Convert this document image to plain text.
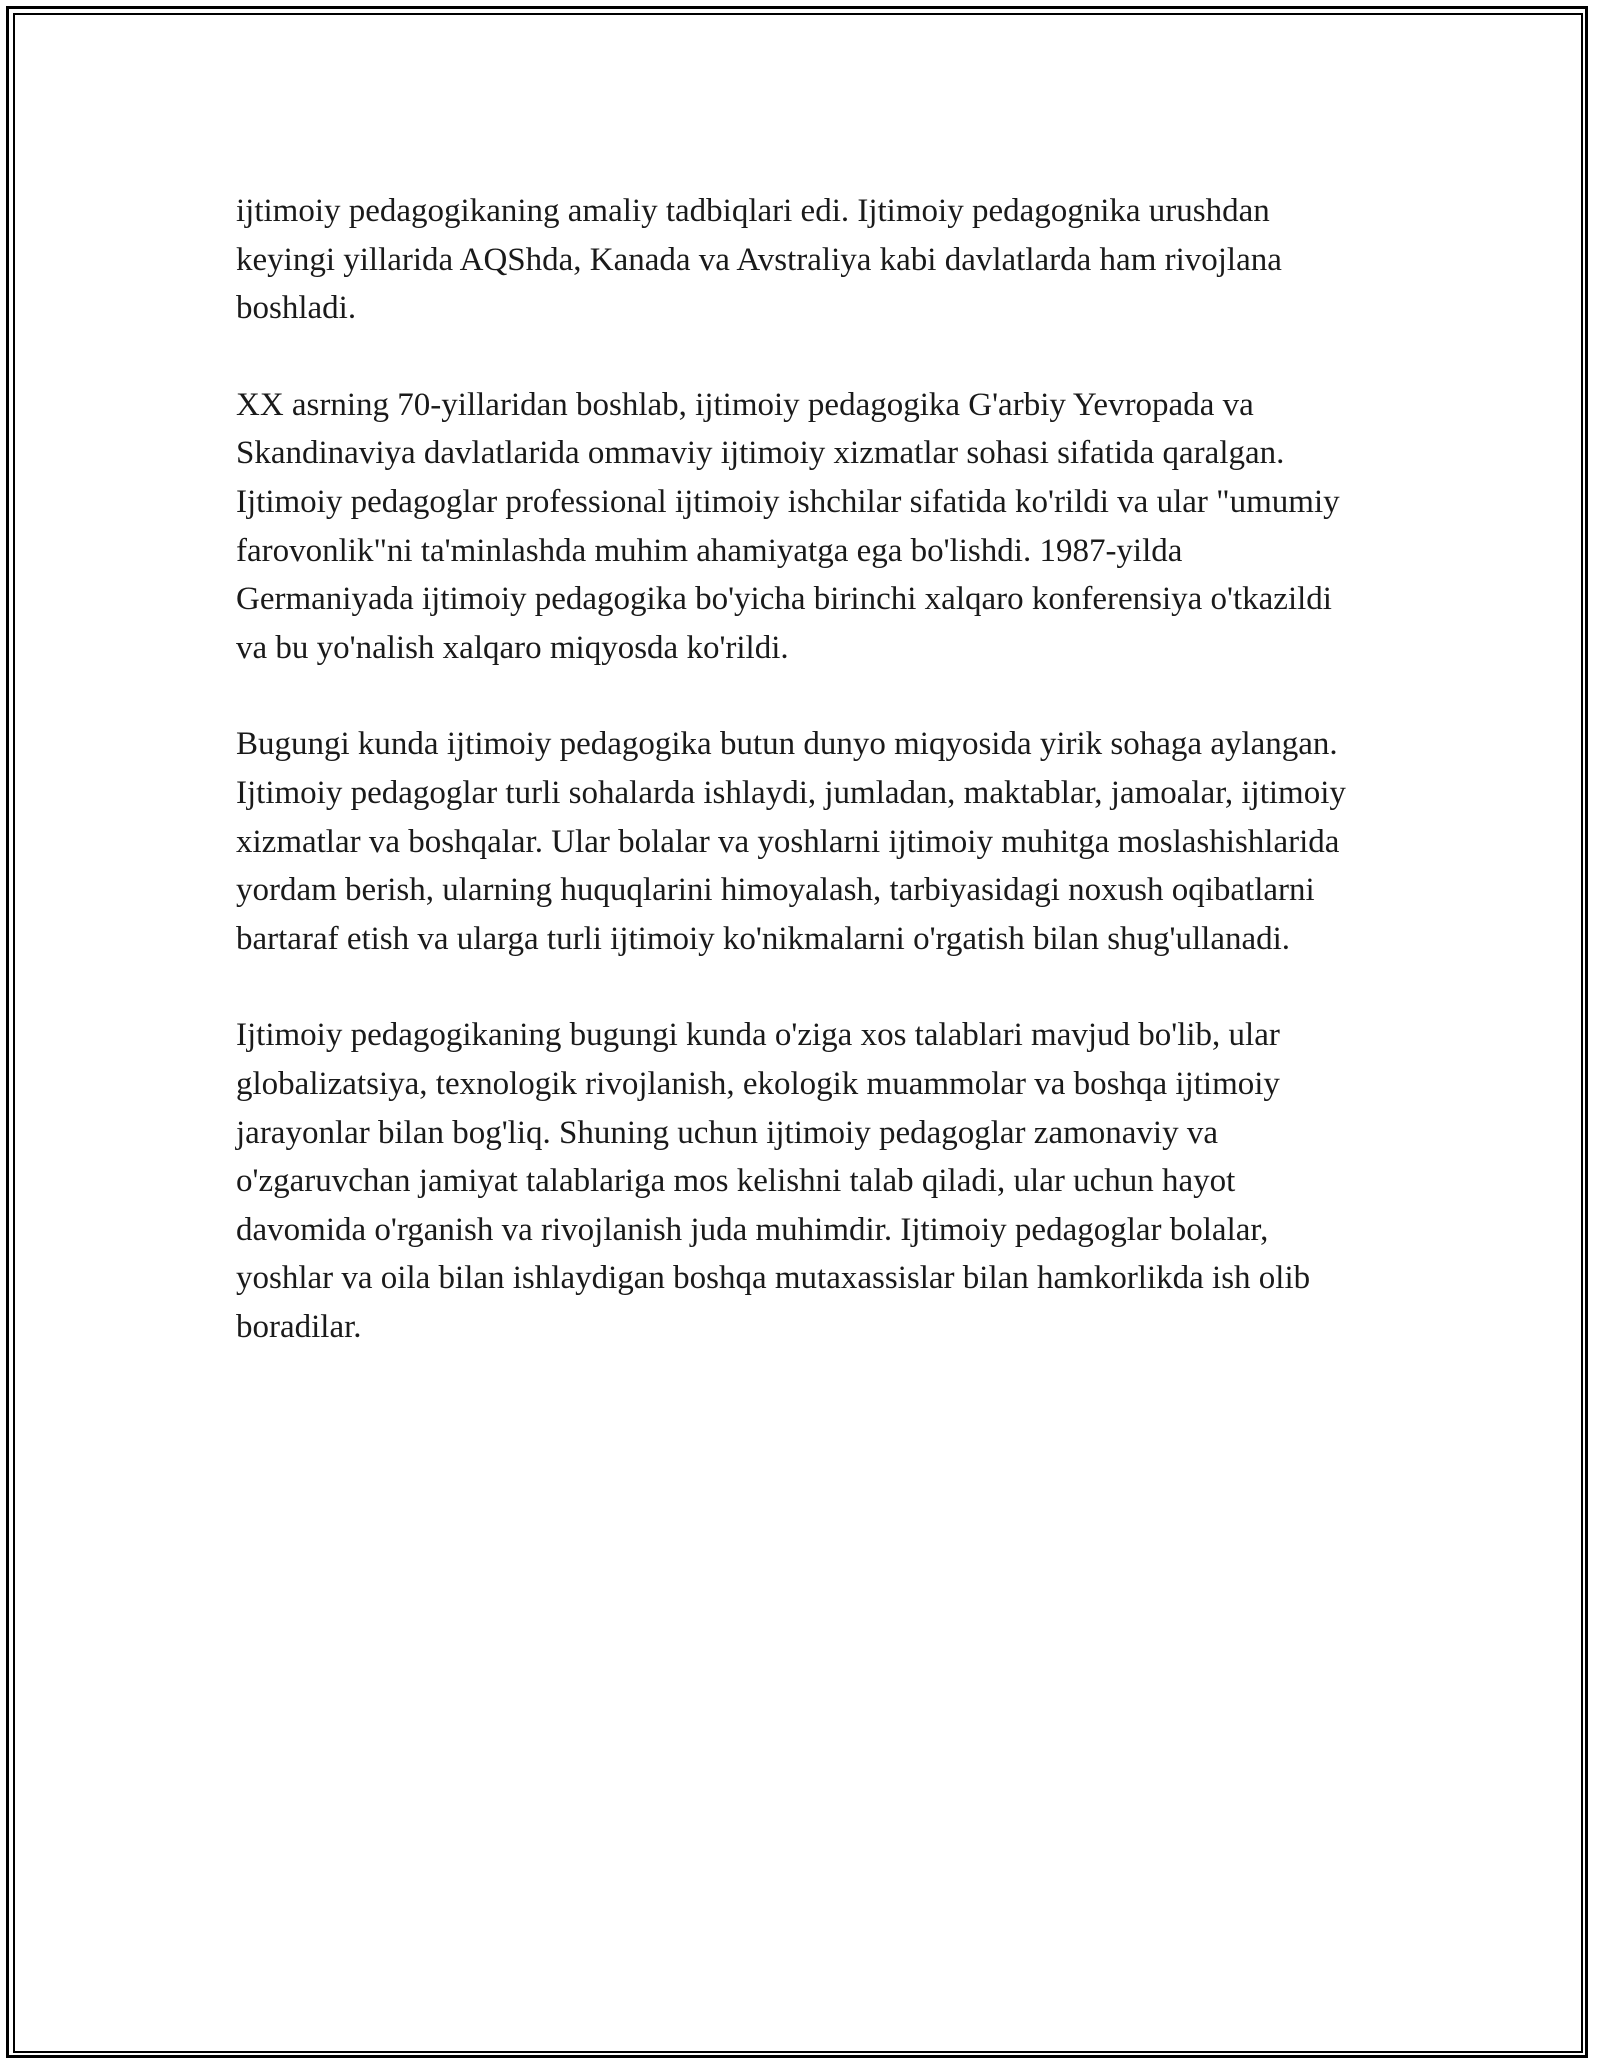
ijtimoiy pedagogikaning amaliy tadbiqlari edi. Ijtimoiy pedagognika urushdan keyingi yillarida AQShda, Kanada va Avstraliya kabi davlatlarda ham rivojlana boshladi.

XX asrning 70-yillaridan boshlab, ijtimoiy pedagogika G'arbiy Yevropada va Skandinaviya davlatlarida ommaviy ijtimoiy xizmatlar sohasi sifatida qaralgan. Ijtimoiy pedagoglar professional ijtimoiy ishchilar sifatida ko'rildi va ular "umumiy farovonlik"ni ta'minlashda muhim ahamiyatga ega bo'lishdi. 1987-yilda Germaniyada ijtimoiy pedagogika bo'yicha birinchi xalqaro konferensiya o'tkazildi va bu yo'nalish xalqaro miqyosda ko'rildi.

Bugungi kunda ijtimoiy pedagogika butun dunyo miqyosida yirik sohaga aylangan. Ijtimoiy pedagoglar turli sohalarda ishlaydi, jumladan, maktablar, jamoalar, ijtimoiy xizmatlar va boshqalar. Ular bolalar va yoshlarni ijtimoiy muhitga moslashishlarida yordam berish, ularning huquqlarini himoyalash, tarbiyasidagi noxush oqibatlarni bartaraf etish va ularga turli ijtimoiy ko'nikmalarni o'rgatish bilan shug'ullanadi.

Ijtimoiy pedagogikaning bugungi kunda o'ziga xos talablari mavjud bo'lib, ular globalizatsiya, texnologik rivojlanish, ekologik muammolar va boshqa ijtimoiy jarayonlar bilan bog'liq. Shuning uchun ijtimoiy pedagoglar zamonaviy va o'zgaruvchan jamiyat talablariga mos kelishni talab qiladi, ular uchun hayot davomida o'rganish va rivojlanish juda muhimdir. Ijtimoiy pedagoglar bolalar, yoshlar va oila bilan ishlaydigan boshqa mutaxassislar bilan hamkorlikda ish olib boradilar.
